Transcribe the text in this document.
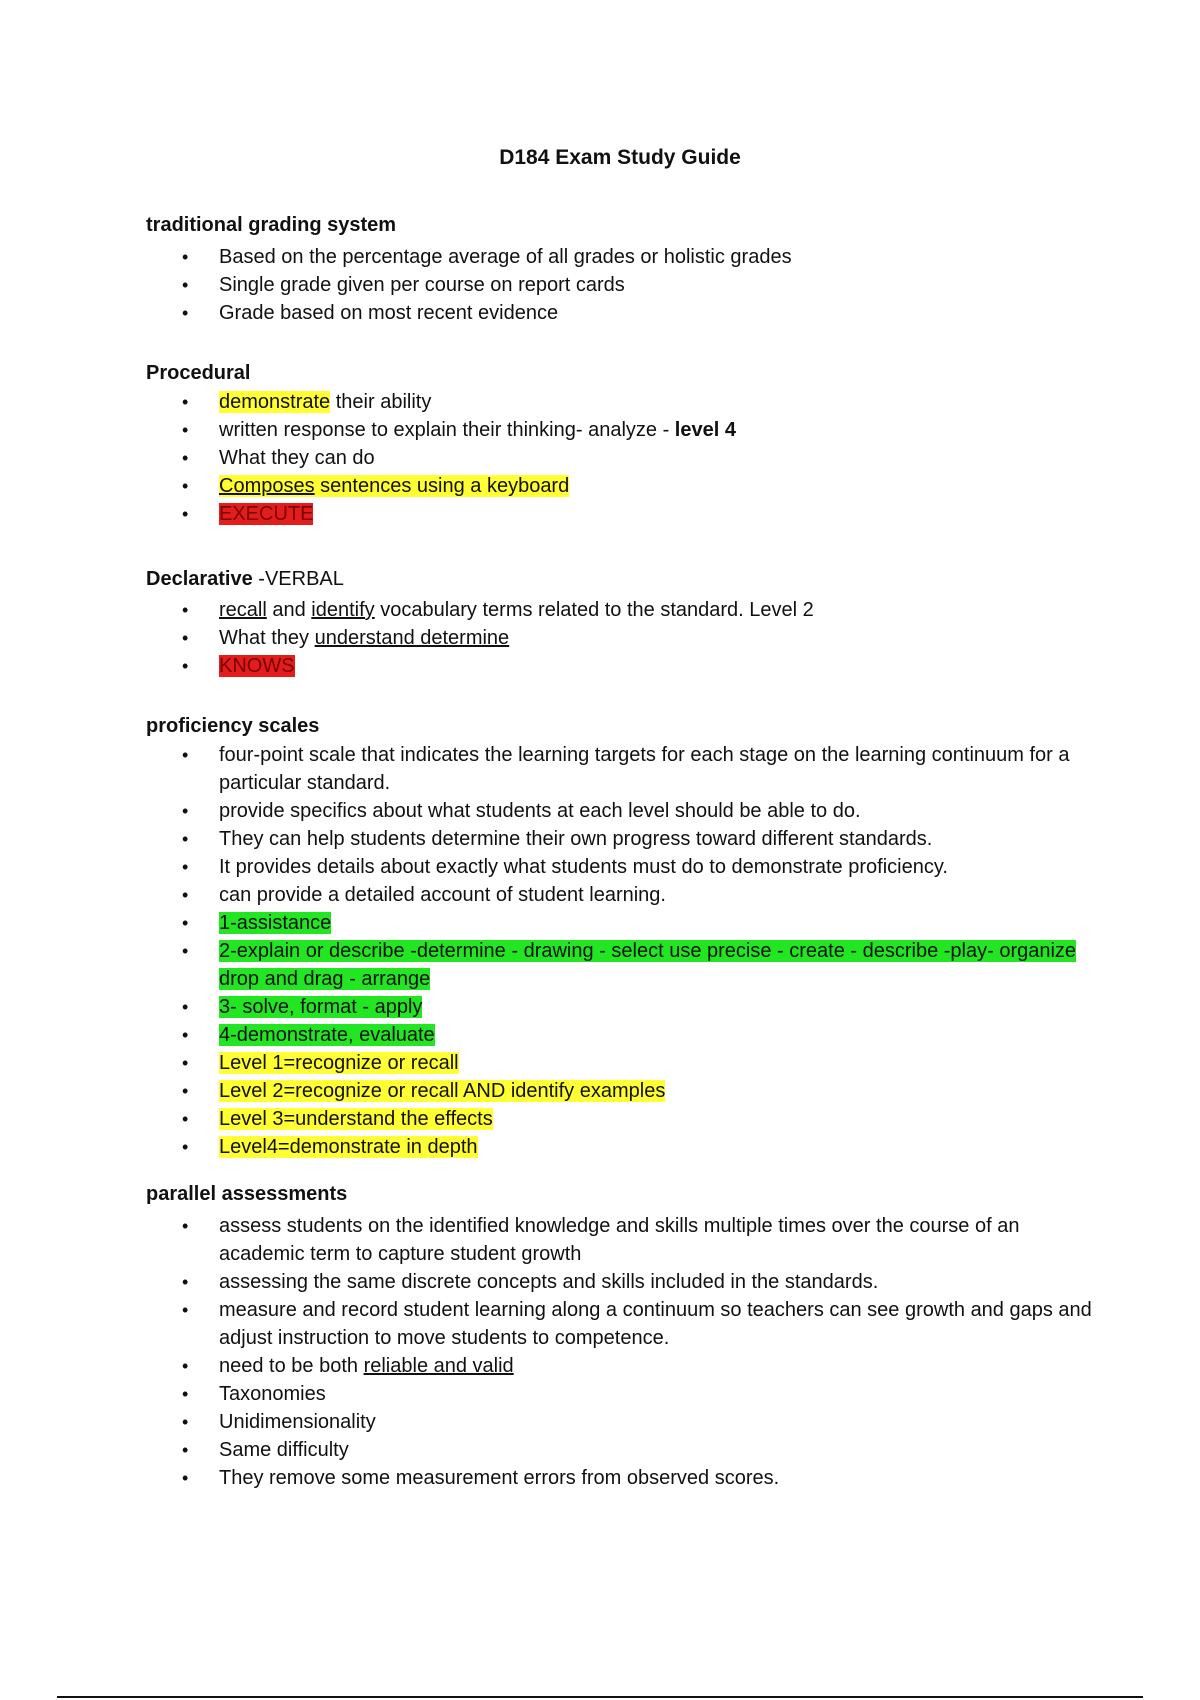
D184 Exam Study Guide
traditional grading system
• Based on the percentage average of all grades or holistic grades
• Single grade given per course on report cards
• Grade based on most recent evidence
Procedural
• demonstrate their ability
• written response to explain their thinking- analyze - level 4
• What they can do
• Composes sentences using a keyboard
• EXECUTE
Declarative -VERBAL
• recall and identify vocabulary terms related to the standard. Level 2
• What they understand determine
• KNOWS
proficiency scales
• four-point scale that indicates the learning targets for each stage on the learning continuum for a particular standard.
• provide specifics about what students at each level should be able to do.
• They can help students determine their own progress toward different standards.
• It provides details about exactly what students must do to demonstrate proficiency.
• can provide a detailed account of student learning.
• 1-assistance
• 2-explain or describe -determine - drawing - select use precise - create - describe -play- organize drop and drag - arrange
• 3- solve, format - apply
• 4-demonstrate, evaluate
• Level 1=recognize or recall
• Level 2=recognize or recall AND identify examples
• Level 3=understand the effects
• Level4=demonstrate in depth
parallel assessments
• assess students on the identified knowledge and skills multiple times over the course of an academic term to capture student growth
• assessing the same discrete concepts and skills included in the standards.
• measure and record student learning along a continuum so teachers can see growth and gaps and adjust instruction to move students to competence.
• need to be both reliable and valid
• Taxonomies
• Unidimensionality
• Same difficulty
• They remove some measurement errors from observed scores.
